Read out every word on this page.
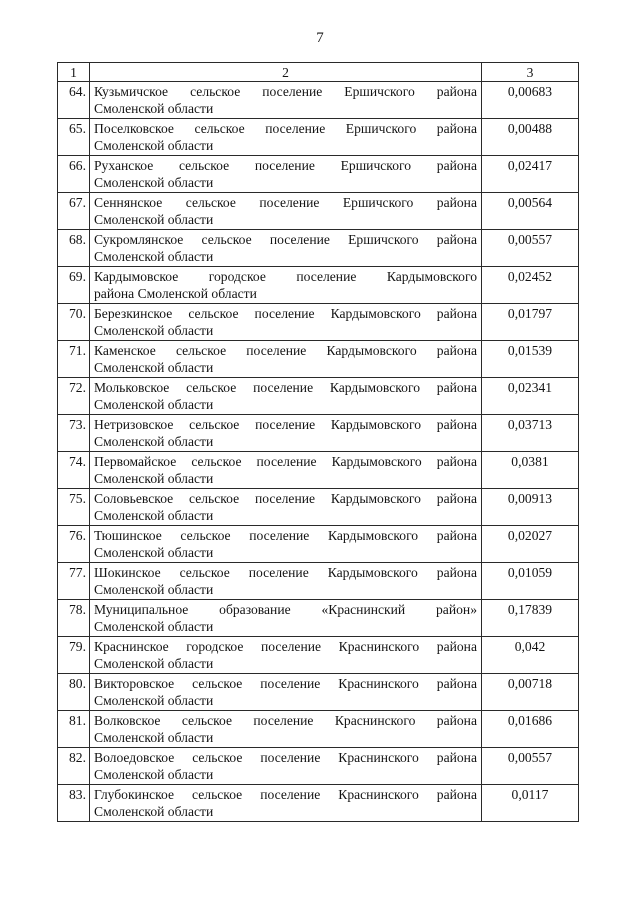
7
1	2	3
64.	Кузьмичское сельское поселение Ершичского района
Смоленской области	0,00683
65.	Поселковское сельское поселение Ершичского района
Смоленской области	0,00488
66.	Руханское сельское поселение Ершичского района
Смоленской области	0,02417
67.	Сеннянское сельское поселение Ершичского района
Смоленской области	0,00564
68.	Сукромлянское сельское поселение Ершичского района
Смоленской области	0,00557
69.	Кардымовское городское поселение Кардымовского
района Смоленской области	0,02452
70.	Березкинское сельское поселение Кардымовского района
Смоленской области	0,01797
71.	Каменское сельское поселение Кардымовского района
Смоленской области	0,01539
72.	Мольковское сельское поселение Кардымовского района
Смоленской области	0,02341
73.	Нетризовское сельское поселение Кардымовского района
Смоленской области	0,03713
74.	Первомайское сельское поселение Кардымовского района
Смоленской области	0,0381
75.	Соловьевское сельское поселение Кардымовского района
Смоленской области	0,00913
76.	Тюшинское сельское поселение Кардымовского района
Смоленской области	0,02027
77.	Шокинское сельское поселение Кардымовского района
Смоленской области	0,01059
78.	Муниципальное образование «Краснинский район»
Смоленской области	0,17839
79.	Краснинское городское поселение Краснинского района
Смоленской области	0,042
80.	Викторовское сельское поселение Краснинского района
Смоленской области	0,00718
81.	Волковское сельское поселение Краснинского района
Смоленской области	0,01686
82.	Волоедовское сельское поселение Краснинского района
Смоленской области	0,00557
83.	Глубокинское сельское поселение Краснинского района
Смоленской области	0,0117
